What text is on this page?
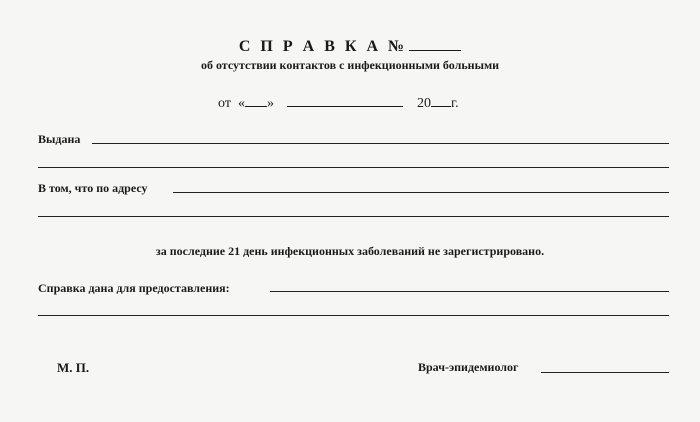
С П Р А В К А №
об отсутствии контактов с инфекционными больными
от « »	20 г.
Выдана
В том, что по адресу
за последние 21 день инфекционных заболеваний не зарегистрировано.
Справка дана для предоставления:
М. П.	Врач-эпидемиолог
